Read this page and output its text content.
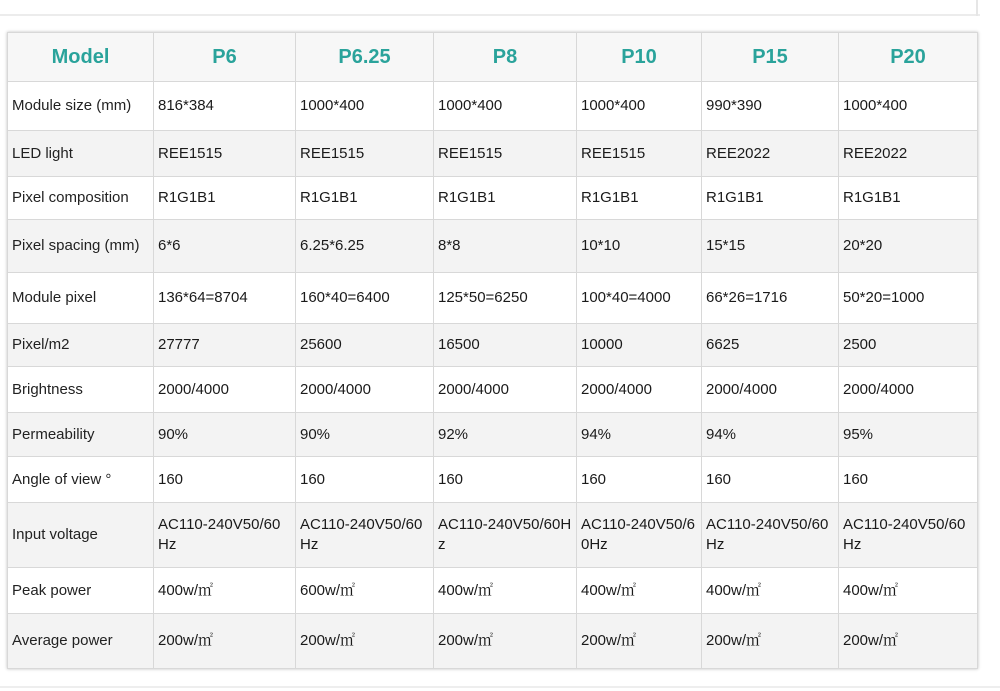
Model	P6	P6.25	P8	P10	P15	P20
Module size (mm)	816*384	1000*400	1000*400	1000*400	990*390	1000*400
LED light	REE1515	REE1515	REE1515	REE1515	REE2022	REE2022
Pixel composition	R1G1B1	R1G1B1	R1G1B1	R1G1B1	R1G1B1	R1G1B1
Pixel spacing (mm)	6*6	6.25*6.25	8*8	10*10	15*15	20*20
Module pixel	136*64=8704	160*40=6400	125*50=6250	100*40=4000	66*26=1716	50*20=1000
Pixel/m2	27777	25600	16500	10000	6625	2500
Brightness	2000/4000	2000/4000	2000/4000	2000/4000	2000/4000	2000/4000
Permeability	90%	90%	92%	94%	94%	95%
Angle of view °	160	160	160	160	160	160
Input voltage	AC110-240V50/60Hz	AC110-240V50/60Hz	AC110-240V50/60Hz	AC110-240V50/60Hz	AC110-240V50/60Hz	AC110-240V50/60Hz
Peak power	400w/㎡	600w/㎡	400w/㎡	400w/㎡	400w/㎡	400w/㎡
Average power	200w/㎡	200w/㎡	200w/㎡	200w/㎡	200w/㎡	200w/㎡
